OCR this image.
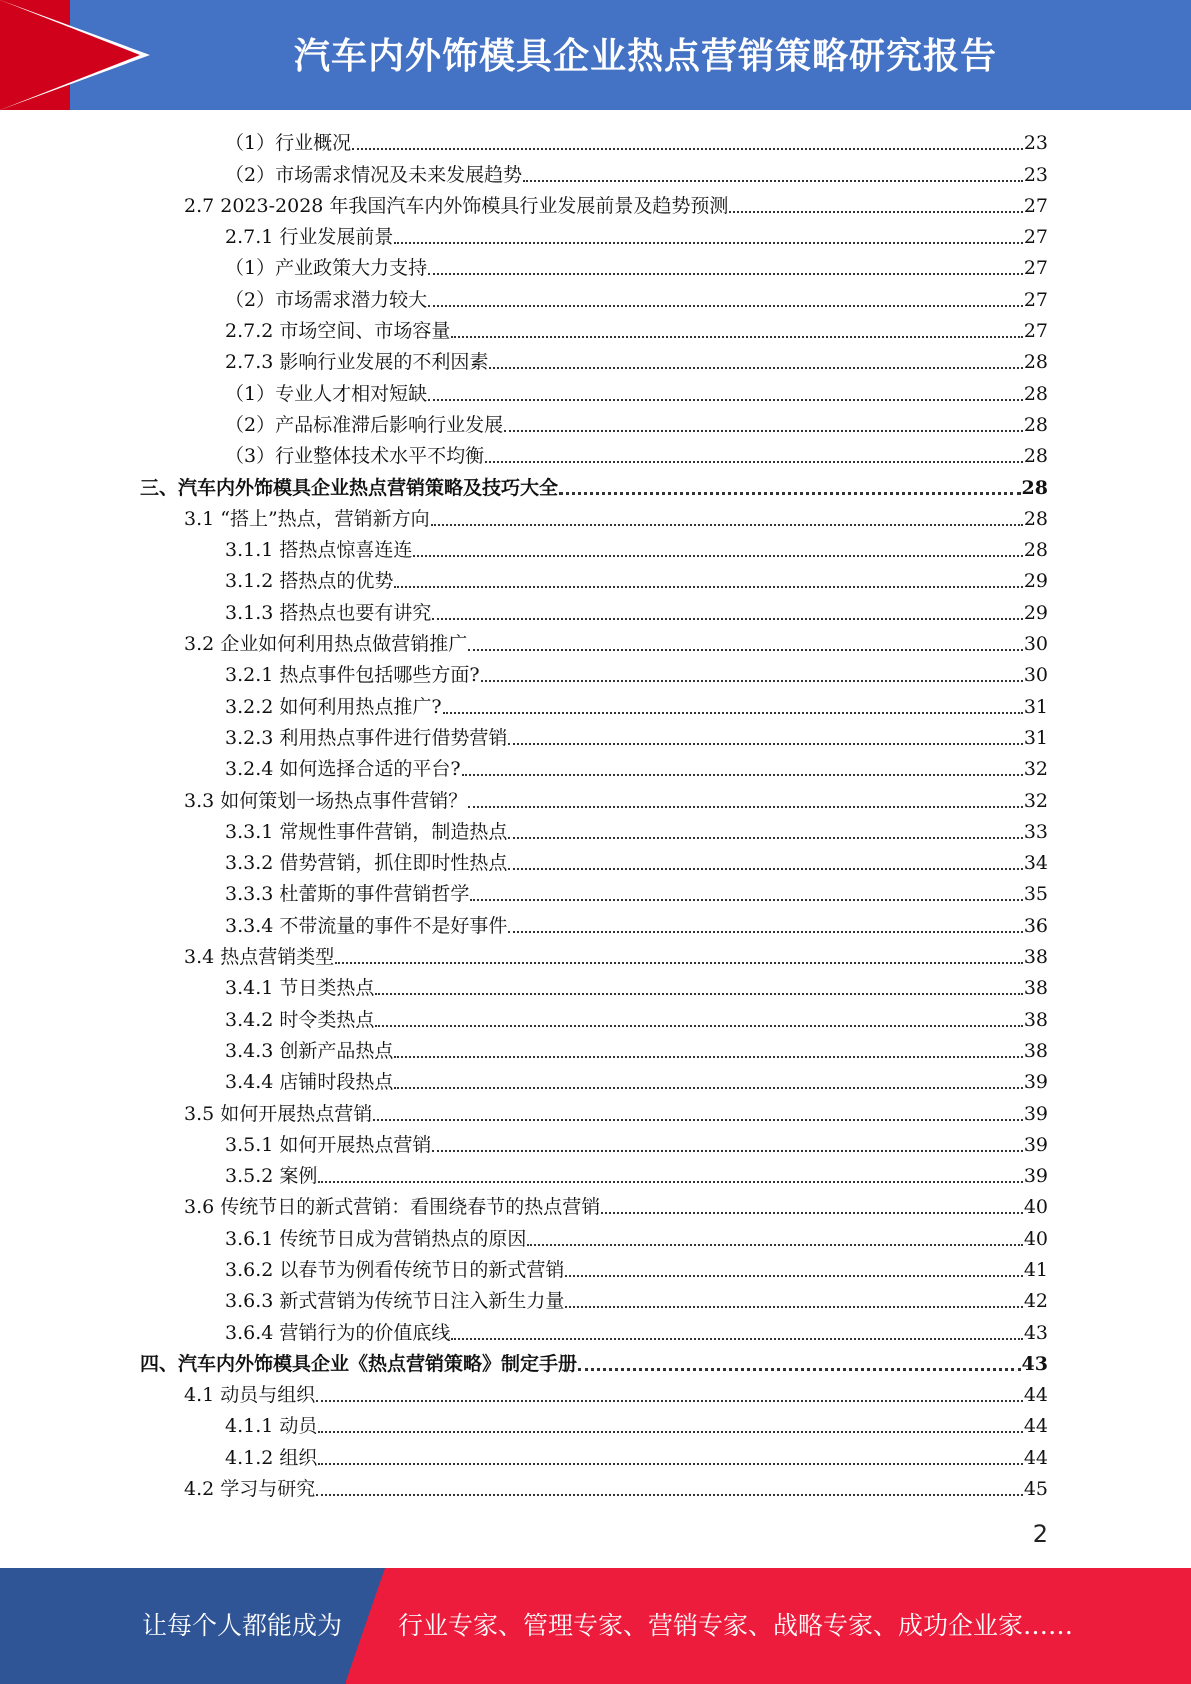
汽车内外饰模具企业热点营销策略研究报告
（1）行业概况	23
（2）市场需求情况及未来发展趋势	23
2.7 2023-2028 年我国汽车内外饰模具行业发展前景及趋势预测	27
2.7.1 行业发展前景	27
（1）产业政策大力支持	27
（2）市场需求潜力较大	27
2.7.2 市场空间、市场容量	27
2.7.3 影响行业发展的不利因素	28
（1）专业人才相对短缺	28
（2）产品标准滞后影响行业发展	28
（3）行业整体技术水平不均衡	28
三、汽车内外饰模具企业热点营销策略及技巧大全	28
3.1 “搭上”热点，营销新方向	28
3.1.1 搭热点惊喜连连	28
3.1.2 搭热点的优势	29
3.1.3 搭热点也要有讲究	29
3.2 企业如何利用热点做营销推广	30
3.2.1 热点事件包括哪些方面?	30
3.2.2 如何利用热点推广?	31
3.2.3 利用热点事件进行借势营销	31
3.2.4 如何选择合适的平台?	32
3.3 如何策划一场热点事件营销？	32
3.3.1 常规性事件营销，制造热点	33
3.3.2 借势营销，抓住即时性热点	34
3.3.3 杜蕾斯的事件营销哲学	35
3.3.4 不带流量的事件不是好事件	36
3.4 热点营销类型	38
3.4.1 节日类热点	38
3.4.2 时令类热点	38
3.4.3 创新产品热点	38
3.4.4 店铺时段热点	39
3.5 如何开展热点营销	39
3.5.1 如何开展热点营销	39
3.5.2 案例	39
3.6 传统节日的新式营销：看围绕春节的热点营销	40
3.6.1 传统节日成为营销热点的原因	40
3.6.2 以春节为例看传统节日的新式营销	41
3.6.3 新式营销为传统节日注入新生力量	42
3.6.4 营销行为的价值底线	43
四、汽车内外饰模具企业《热点营销策略》制定手册	43
4.1 动员与组织	44
4.1.1 动员	44
4.1.2 组织	44
4.2 学习与研究	45
2
让每个人都能成为 行业专家、管理专家、营销专家、战略专家、成功企业家……
